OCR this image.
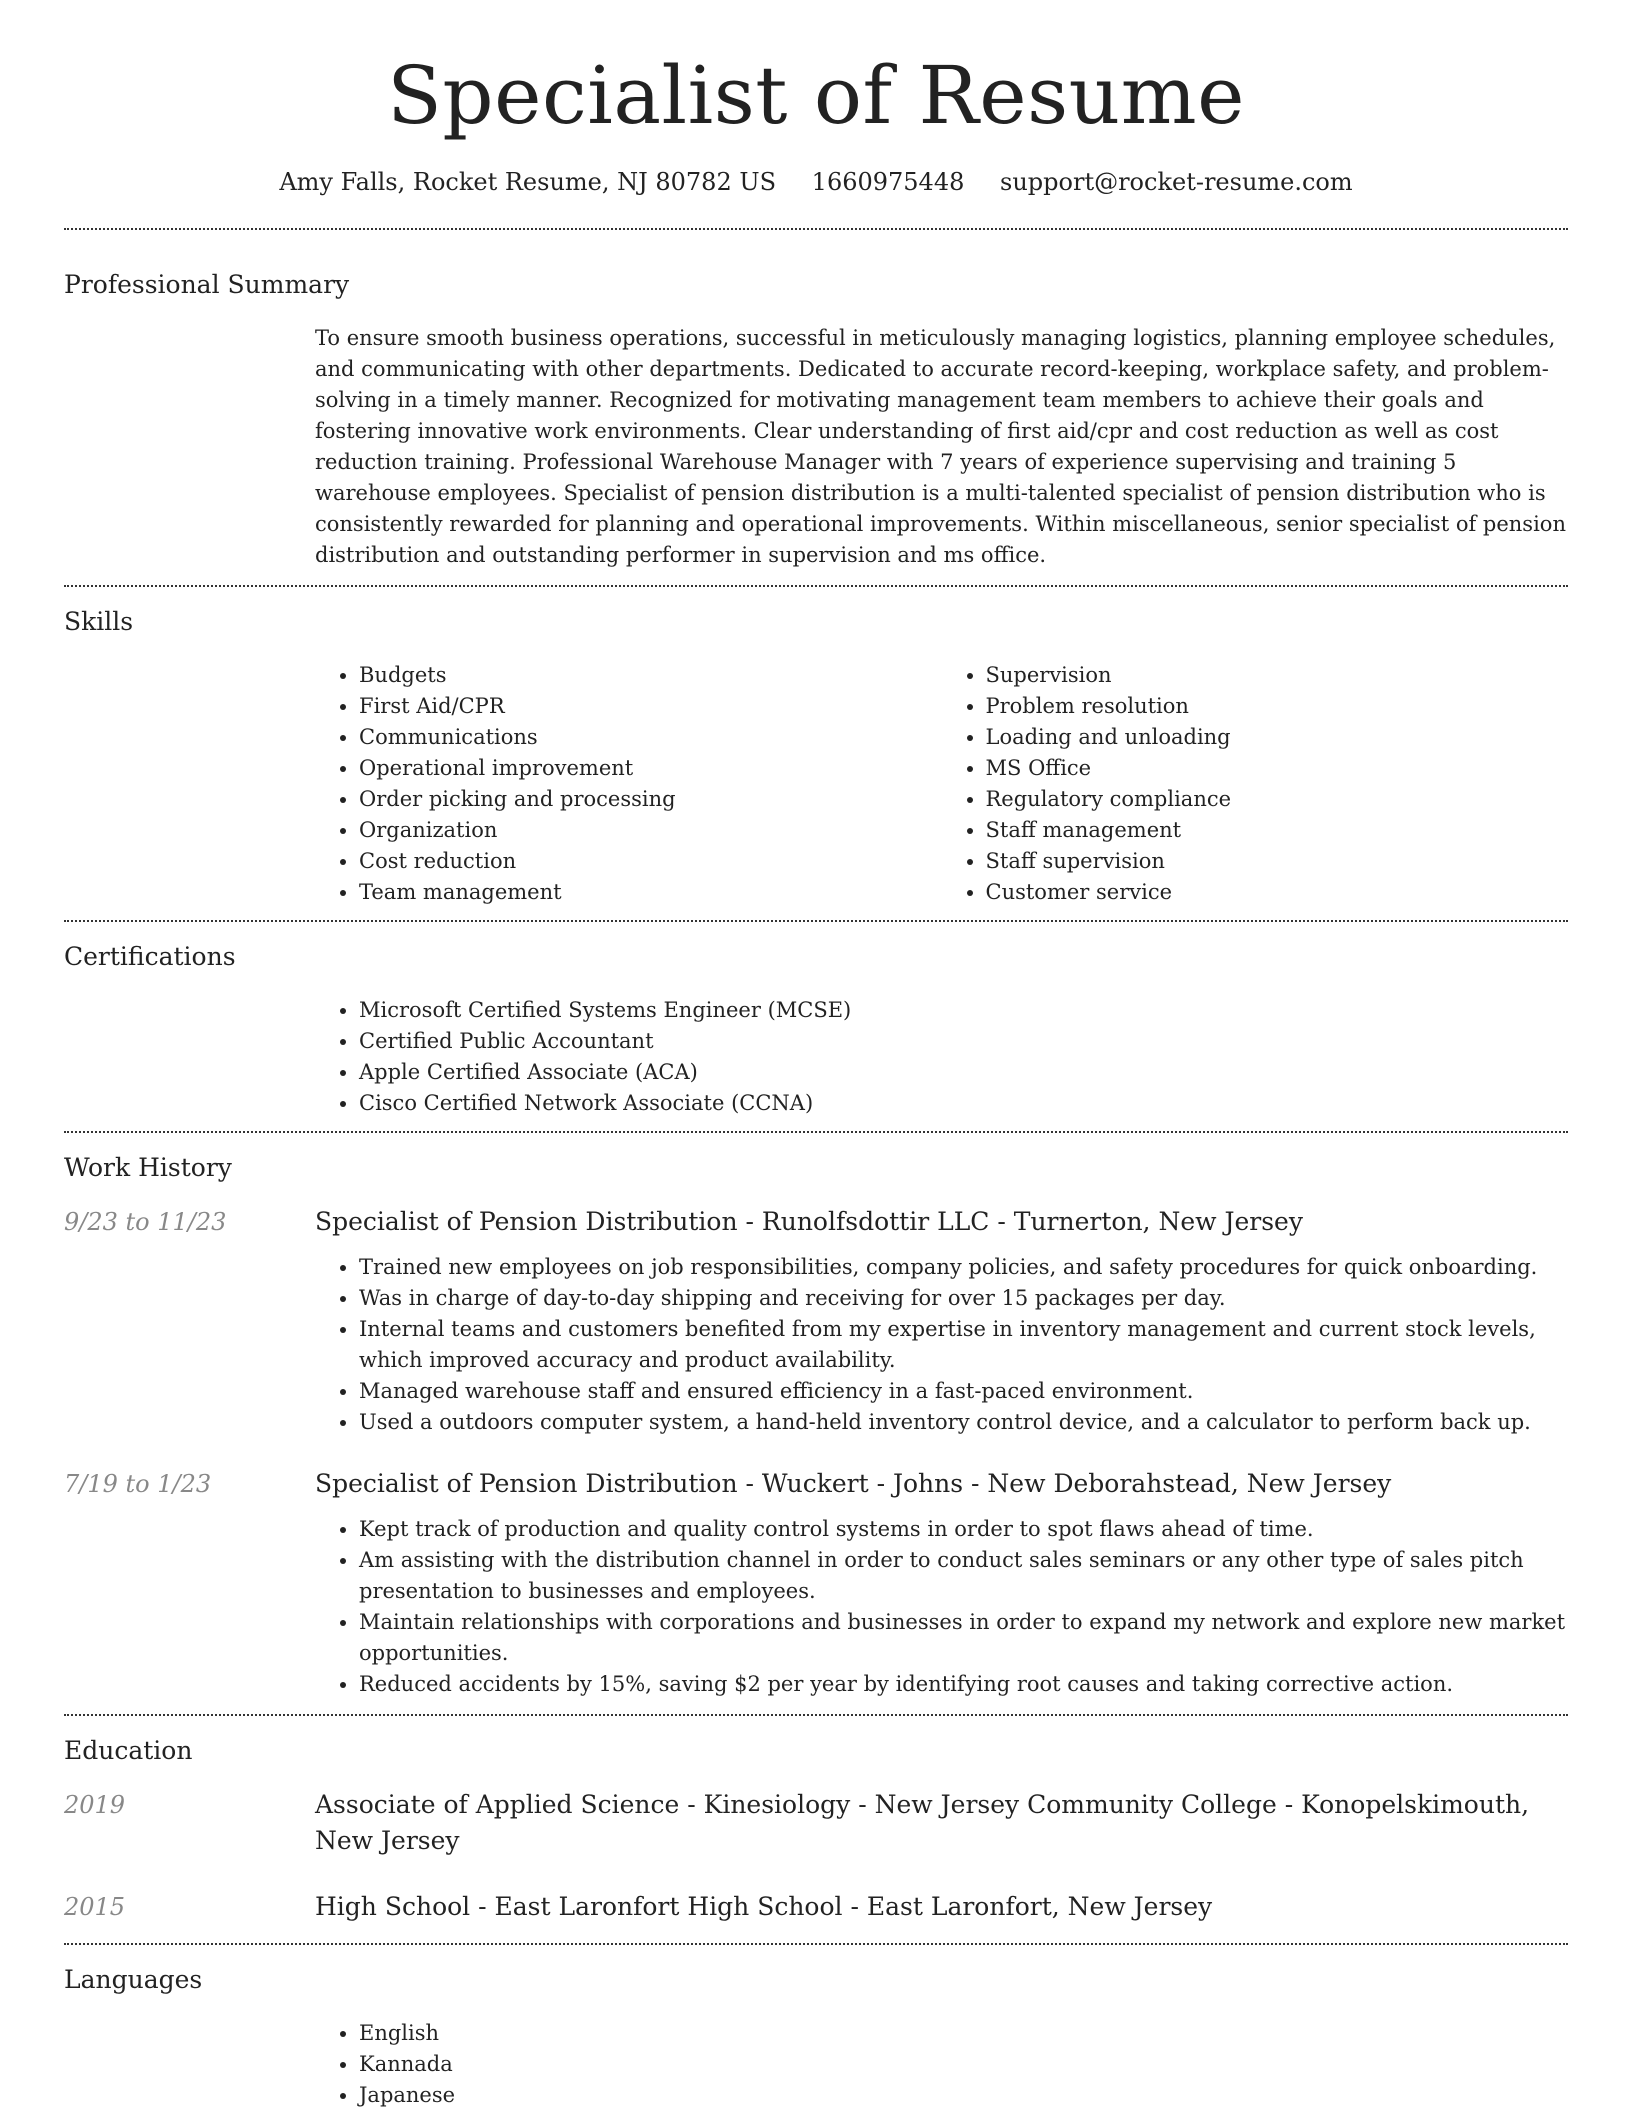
Specialist of Resume
Amy Falls, Rocket Resume, NJ 80782 US 1660975448 support@rocket-resume.com
Professional Summary
To ensure smooth business operations, successful in meticulously managing logistics, planning employee schedules, and communicating with other departments. Dedicated to accurate record-keeping, workplace safety, and problem-solving in a timely manner. Recognized for motivating management team members to achieve their goals and fostering innovative work environments. Clear understanding of first aid/cpr and cost reduction as well as cost reduction training. Professional Warehouse Manager with 7 years of experience supervising and training 5 warehouse employees. Specialist of pension distribution is a multi-talented specialist of pension distribution who is consistently rewarded for planning and operational improvements. Within miscellaneous, senior specialist of pension distribution and outstanding performer in supervision and ms office.
Skills
• Budgets
• First Aid/CPR
• Communications
• Operational improvement
• Order picking and processing
• Organization
• Cost reduction
• Team management
• Supervision
• Problem resolution
• Loading and unloading
• MS Office
• Regulatory compliance
• Staff management
• Staff supervision
• Customer service
Certifications
• Microsoft Certified Systems Engineer (MCSE)
• Certified Public Accountant
• Apple Certified Associate (ACA)
• Cisco Certified Network Associate (CCNA)
Work History
9/23 to 11/23	Specialist of Pension Distribution - Runolfsdottir LLC - Turnerton, New Jersey
• Trained new employees on job responsibilities, company policies, and safety procedures for quick onboarding.
• Was in charge of day-to-day shipping and receiving for over 15 packages per day.
• Internal teams and customers benefited from my expertise in inventory management and current stock levels, which improved accuracy and product availability.
• Managed warehouse staff and ensured efficiency in a fast-paced environment.
• Used a outdoors computer system, a hand-held inventory control device, and a calculator to perform back up.
7/19 to 1/23	Specialist of Pension Distribution - Wuckert - Johns - New Deborahstead, New Jersey
• Kept track of production and quality control systems in order to spot flaws ahead of time.
• Am assisting with the distribution channel in order to conduct sales seminars or any other type of sales pitch presentation to businesses and employees.
• Maintain relationships with corporations and businesses in order to expand my network and explore new market opportunities.
• Reduced accidents by 15%, saving $2 per year by identifying root causes and taking corrective action.
Education
2019	Associate of Applied Science - Kinesiology - New Jersey Community College - Konopelskimouth, New Jersey
2015	High School - East Laronfort High School - East Laronfort, New Jersey
Languages
• English
• Kannada
• Japanese
